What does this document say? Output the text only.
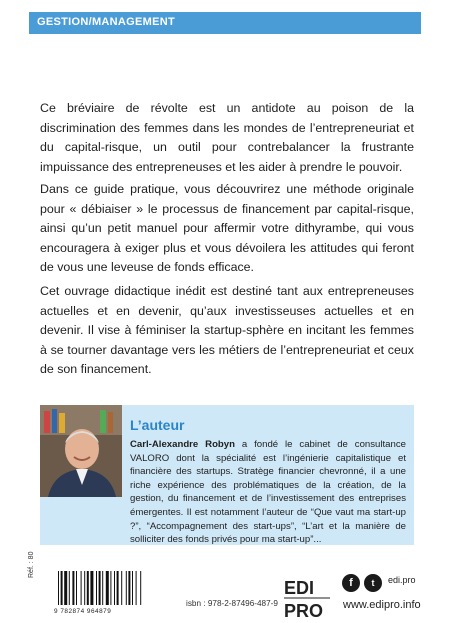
GESTION/MANAGEMENT

Ce bréviaire de révolte est un antidote au poison de la discrimination des femmes dans les mondes de l’entrepreneuriat et du capital-risque, un outil pour contrebalancer la frustrante impuissance des entrepreneuses et les aider à prendre le pouvoir.

Dans ce guide pratique, vous découvrirez une méthode originale pour « débiaiser » le processus de financement par capital-risque, ainsi qu’un petit manuel pour affermir votre dithyrambe, qui vous encouragera à exiger plus et vous dévoilera les attitudes qui feront de vous une leveuse de fonds efficace.

Cet ouvrage didactique inédit est destiné tant aux entrepreneuses actuelles et en devenir, qu’aux investisseuses actuelles et en devenir. Il vise à féminiser la startup-sphère en incitant les femmes à se tourner davantage vers les métiers de l’entrepreneuriat et ceux de son financement.

L’auteur

Carl-Alexandre Robyn a fondé le cabinet de consultance VALORO dont la spécialité est l’ingénierie capitalistique et financière des startups. Stratège financier chevronné, il a une riche expérience des problématiques de la création, de la gestion, du financement et de l’investissement des entreprises émergentes. Il est notamment l’auteur de “Que vaut ma start-up ?”, “Accompagnement des start-ups”, “L’art et la manière de solliciter des fonds privés pour ma start-up”...

Réf. : 80
9 782874 964879
isbn : 978-2-87496-487-9
EDI
PRO
f	t	edi.pro
www.edipro.info
